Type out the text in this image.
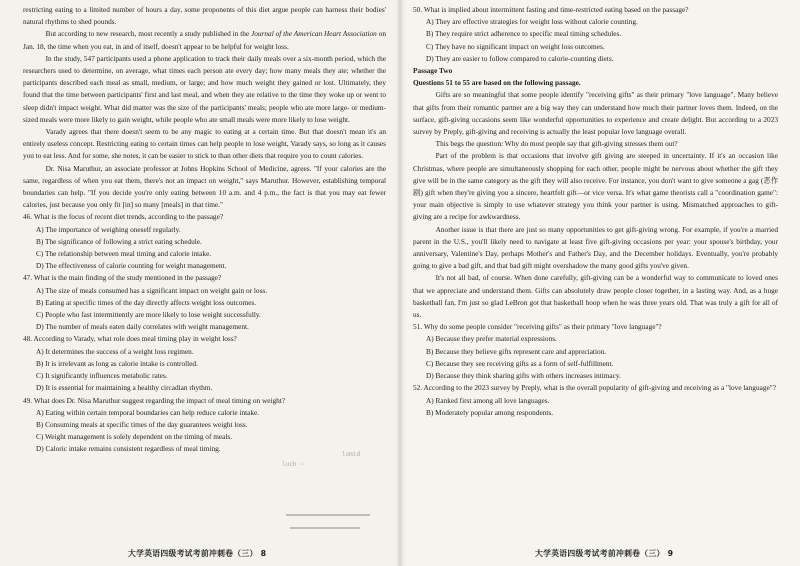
restricting eating to a limited number of hours a day, some proponents of this diet argue people can harness their bodies' natural rhythms to shed pounds.

But according to new research, most recently a study published in the Journal of the American Heart Association on Jan. 18, the time when you eat, in and of itself, doesn't appear to be helpful for weight loss.

In the study, 547 participants used a phone application to track their daily meals over a six-month period, which the researchers used to determine, on average, what times each person ate every day; how many meals they ate; whether the participants described each meal as small, medium, or large; and how much weight they gained or lost. Ultimately, they found that the time between participants' first and last meal, and when they ate relative to the time they woke up or went to sleep didn't impact weight. What did matter was the size of the participants' meals; people who ate more large- or medium-sized meals were more likely to gain weight, while people who ate small meals were more likely to lose weight.

Varady agrees that there doesn't seem to be any magic to eating at a certain time. But that doesn't mean it's an entirely useless concept. Restricting eating to certain times can help people to lose weight, Varady says, so long as it causes you to eat less. And for some, she notes, it can be easier to stick to than other diets that require you to count calories.

Dr. Nisa Maruthur, an associate professor at Johns Hopkins School of Medicine, agrees. "If your calories are the same, regardless of when you eat them, there's not an impact on weight," says Maruthur. However, establishing temporal boundaries can help. "If you decide you're only eating between 10 a.m. and 4 p.m., the fact is that you may eat fewer calories, just because you only fit [in] so many [meals] in that time."

46. What is the focus of recent diet trends, according to the passage?

A) The importance of weighing oneself regularly.

B) The significance of following a strict eating schedule.

C) The relationship between meal timing and calorie intake.

D) The effectiveness of calorie counting for weight management.

47. What is the main finding of the study mentioned in the passage?

A) The size of meals consumed has a significant impact on weight gain or loss.

B) Eating at specific times of the day directly affects weight loss outcomes.

C) People who fast intermittently are more likely to lose weight successfully.

D) The number of meals eaten daily correlates with weight management.

48. According to Varady, what role does meal timing play in weight loss?

A) It determines the success of a weight loss regimen.

B) It is irrelevant as long as calorie intake is controlled.

C) It significantly influences metabolic rates.

D) It is essential for maintaining a healthy circadian rhythm.

49. What does Dr. Nisa Maruthur suggest regarding the impact of meal timing on weight?

A) Eating within certain temporal boundaries can help reduce calorie intake.

B) Consuming meals at specific times of the day guarantees weight loss.

C) Weight management is solely dependent on the timing of meals.

D) Caloric intake remains consistent regardless of meal timing.

lomid
luch ~
大学英语四级考试考前冲刺卷（三） 8

50. What is implied about intermittent fasting and time-restricted eating based on the passage?

A) They are effective strategies for weight loss without calorie counting.

B) They require strict adherence to specific meal timing schedules.

C) They have no significant impact on weight loss outcomes.

D) They are easier to follow compared to calorie-counting diets.

Passage Two

Questions 51 to 55 are based on the following passage.

Gifts are so meaningful that some people identify "receiving gifts" as their primary "love language". Many believe that gifts from their romantic partner are a big way they can understand how much their partner loves them. Indeed, on the surface, gift-giving occasions seem like wonderful opportunities to experience and create delight. But according to a 2023 survey by Preply, gift-giving and receiving is actually the least popular love language overall.

This begs the question: Why do most people say that gift-giving stresses them out?

Part of the problem is that occasions that involve gift giving are steeped in uncertainty. If it's an occasion like Christmas, where people are simultaneously shopping for each other, people might be nervous about whether the gift they give will be in the same category as the gift they will also receive. For instance, you don't want to give someone a gag (恶作剧) gift when they're giving you a sincere, heartfelt gift—or vice versa. It's what game theorists call a "coordination game": your main objective is simply to use whatever strategy you think your partner is using. Mismatched approaches to gift-giving are a recipe for awkwardness.

Another issue is that there are just so many opportunities to get gift-giving wrong. For example, if you're a married parent in the U.S., you'll likely need to navigate at least five gift-giving occasions per year: your spouse's birthday, your anniversary, Valentine's Day, perhaps Mother's and Father's Day, and the December holidays. Eventually, you're probably going to give a bad gift, and that bad gift might overshadow the many good gifts you've given.

It's not all bad, of course. When done carefully, gift-giving can be a wonderful way to communicate to loved ones that we appreciate and understand them. Gifts can absolutely draw people closer together, in a lasting way. And, as a huge basketball fan, I'm just so glad LeBron got that basketball hoop when he was three years old. That was truly a gift for all of us.

51. Why do some people consider "receiving gifts" as their primary "love language"?

A) Because they prefer material expressions.

B) Because they believe gifts represent care and appreciation.

C) Because they see receiving gifts as a form of self-fulfillment.

D) Because they think sharing gifts with others increases intimacy.

52. According to the 2023 survey by Preply, what is the overall popularity of gift-giving and receiving as a "love language"?

A) Ranked first among all love languages.

B) Moderately popular among respondents.

大学英语四级考试考前冲刺卷（三） 9
